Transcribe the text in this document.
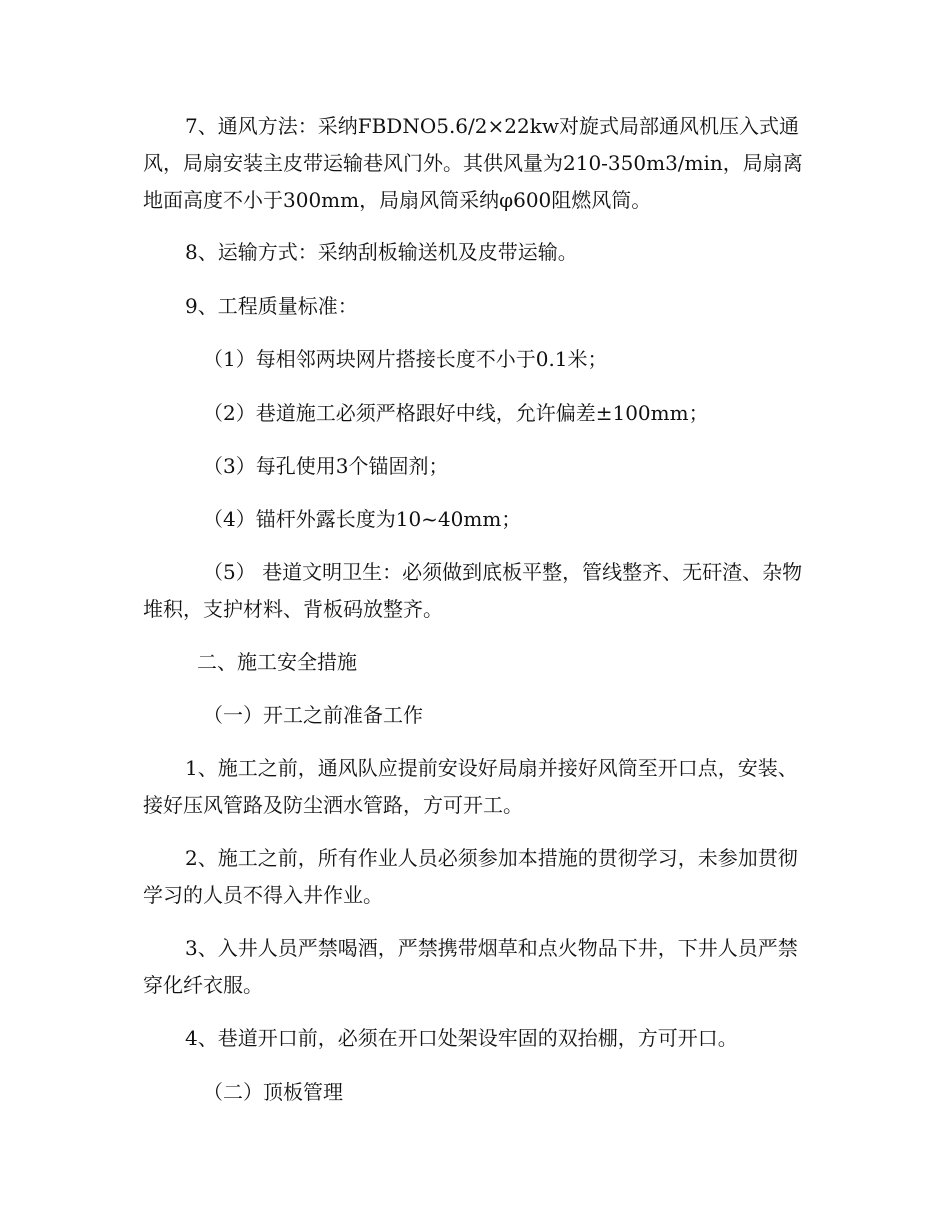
7、通风方法：采纳FBDNO5.6/2×22kw对旋式局部通风机压入式通风，局扇安装主皮带运输巷风门外。其供风量为210-350m3/min，局扇离地面高度不小于300mm，局扇风筒采纳φ600阻燃风筒。

8、运输方式：采纳刮板输送机及皮带运输。

9、工程质量标准：

（1）每相邻两块网片搭接长度不小于0.1米；

（2）巷道施工必须严格跟好中线，允许偏差±100mm；

（3）每孔使用3个锚固剂；

（4）锚杆外露长度为10~40mm；

（5） 巷道文明卫生：必须做到底板平整，管线整齐、无矸渣、杂物堆积，支护材料、背板码放整齐。

二、施工安全措施

（一）开工之前准备工作

1、施工之前，通风队应提前安设好局扇并接好风筒至开口点，安装、接好压风管路及防尘洒水管路，方可开工。

2、施工之前，所有作业人员必须参加本措施的贯彻学习，未参加贯彻学习的人员不得入井作业。

3、入井人员严禁喝酒，严禁携带烟草和点火物品下井，下井人员严禁穿化纤衣服。

4、巷道开口前，必须在开口处架设牢固的双抬棚，方可开口。

（二）顶板管理
